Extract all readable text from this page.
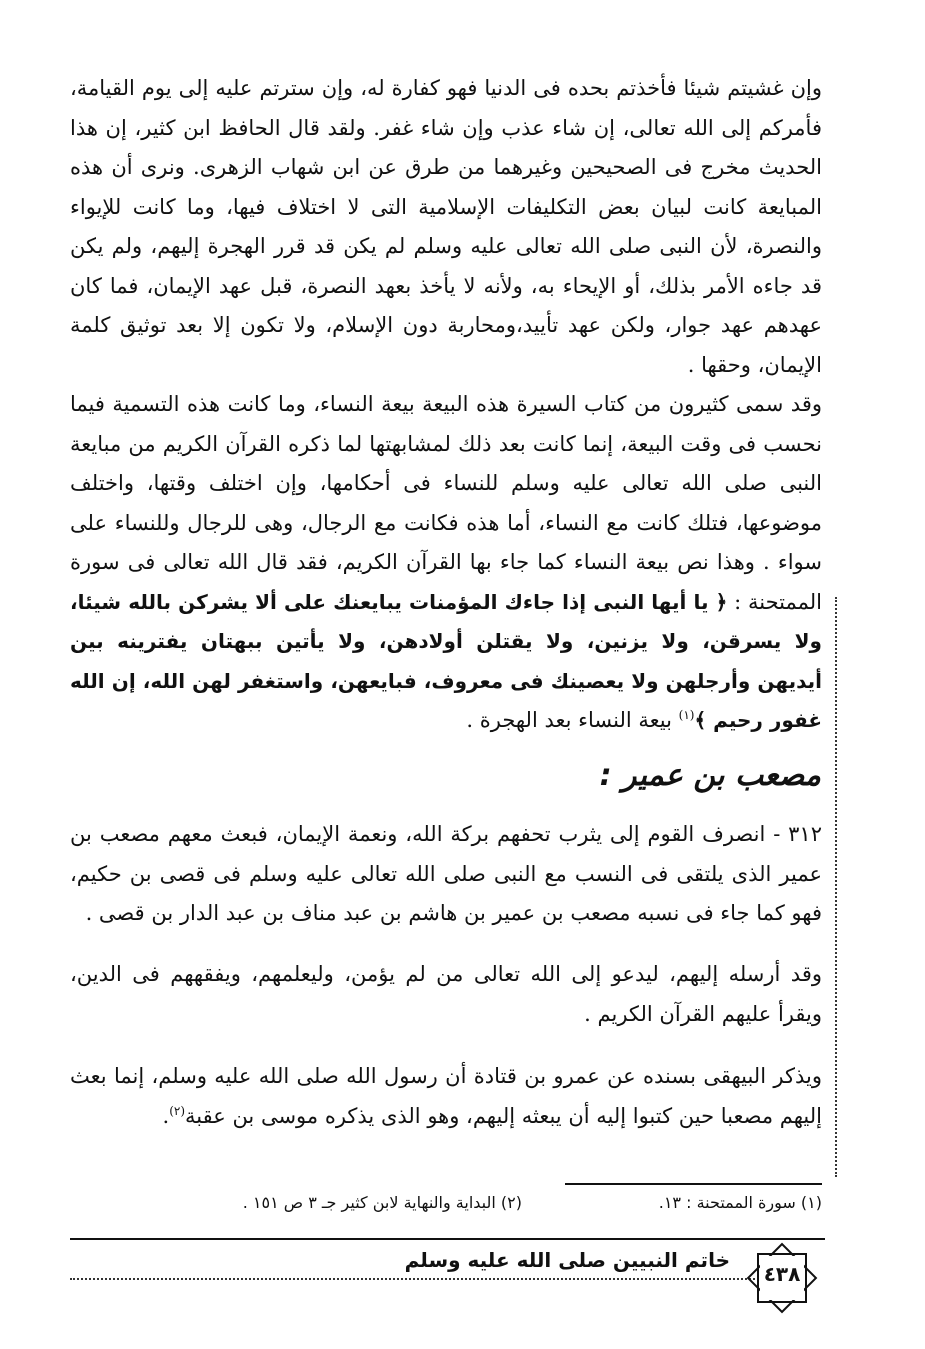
وإن غشيتم شيئا فأخذتم بحده فى الدنيا فهو كفارة له، وإن سترتم عليه إلى يوم القيامة، فأمركم إلى الله تعالى، إن شاء عذب وإن شاء غفر. ولقد قال الحافظ ابن كثير، إن هذا الحديث مخرج فى الصحيحين وغيرهما من طرق عن ابن شهاب الزهرى. ونرى أن هذه المبايعة كانت لبيان بعض التكليفات الإسلامية التى لا اختلاف فيها، وما كانت للإيواء والنصرة، لأن النبى صلى الله تعالى عليه وسلم لم يكن قد قرر الهجرة إليهم، ولم يكن قد جاءه الأمر بذلك، أو الإيحاء به، ولأنه لا يأخذ بعهد النصرة، قبل عهد الإيمان، فما كان عهدهم عهد جوار، ولكن عهد تأييد،ومحاربة دون الإسلام، ولا تكون إلا بعد توثيق كلمة الإيمان، وحقها .
وقد سمى كثيرون من كتاب السيرة هذه البيعة بيعة النساء، وما كانت هذه التسمية فيما نحسب فى وقت البيعة، إنما كانت بعد ذلك لمشابهتها لما ذكره القرآن الكريم من مبايعة النبى صلى الله تعالى عليه وسلم للنساء فى أحكامها، وإن اختلف وقتها، واختلف موضوعها، فتلك كانت مع النساء، أما هذه فكانت مع الرجال، وهى للرجال وللنساء على سواء . وهذا نص بيعة النساء كما جاء بها القرآن الكريم، فقد قال الله تعالى فى سورة الممتحنة : ﴿ يا أيها النبى إذا جاءك المؤمنات يبايعنك على ألا يشركن بالله شيئا، ولا يسرقن، ولا يزنين، ولا يقتلن أولادهن، ولا يأتين ببهتان يفترينه بين أيديهن وأرجلهن ولا يعصينك فى معروف، فبايعهن، واستغفر لهن الله، إن الله غفور رحيم ﴾$^{(١)}$ بيعة النساء بعد الهجرة .
مصعب بن عمير :
٣١٢ - انصرف القوم إلى يثرب تحفهم بركة الله، ونعمة الإيمان، فبعث معهم مصعب بن عمير الذى يلتقى فى النسب مع النبى صلى الله تعالى عليه وسلم فى قصى بن حكيم، فهو كما جاء فى نسبه مصعب بن عمير بن هاشم بن عبد مناف بن عبد الدار بن قصى .
وقد أرسله إليهم، ليدعو إلى الله تعالى من لم يؤمن، وليعلمهم، ويفقههم فى الدين، ويقرأ عليهم القرآن الكريم .
ويذكر البيهقى بسنده عن عمرو بن قتادة أن رسول الله صلى الله عليه وسلم، إنما بعث إليهم مصعبا حين كتبوا إليه أن يبعثه إليهم، وهو الذى يذكره موسى بن عقبة$^{(٢)}$.
(١) سورة الممتحنة : ١٣.
(٢) البداية والنهاية لابن كثير جـ ٣ ص ١٥١ .
خاتم النبيين صلى الله عليه وسلم
٤٣٨
